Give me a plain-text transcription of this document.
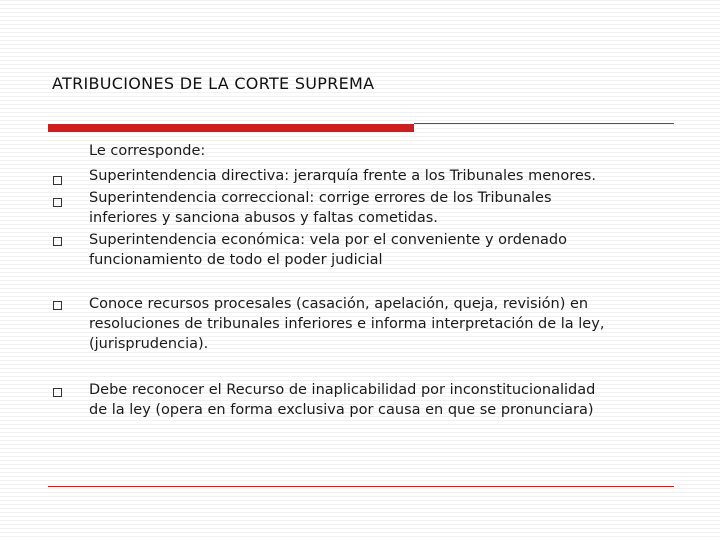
ATRIBUCIONES DE LA CORTE SUPREMA
Le corresponde:
Superintendencia directiva: jerarquía frente a los Tribunales menores.
Superintendencia correccional: corrige errores de los Tribunales
inferiores y sanciona abusos y faltas cometidas.
Superintendencia económica: vela por el conveniente y ordenado
funcionamiento de todo el poder judicial
Conoce recursos procesales (casación, apelación, queja, revisión) en
resoluciones de tribunales inferiores e informa interpretación de la ley,
(jurisprudencia).
Debe reconocer el Recurso de inaplicabilidad por inconstitucionalidad
de la ley (opera en forma exclusiva por causa en que se pronunciara)
